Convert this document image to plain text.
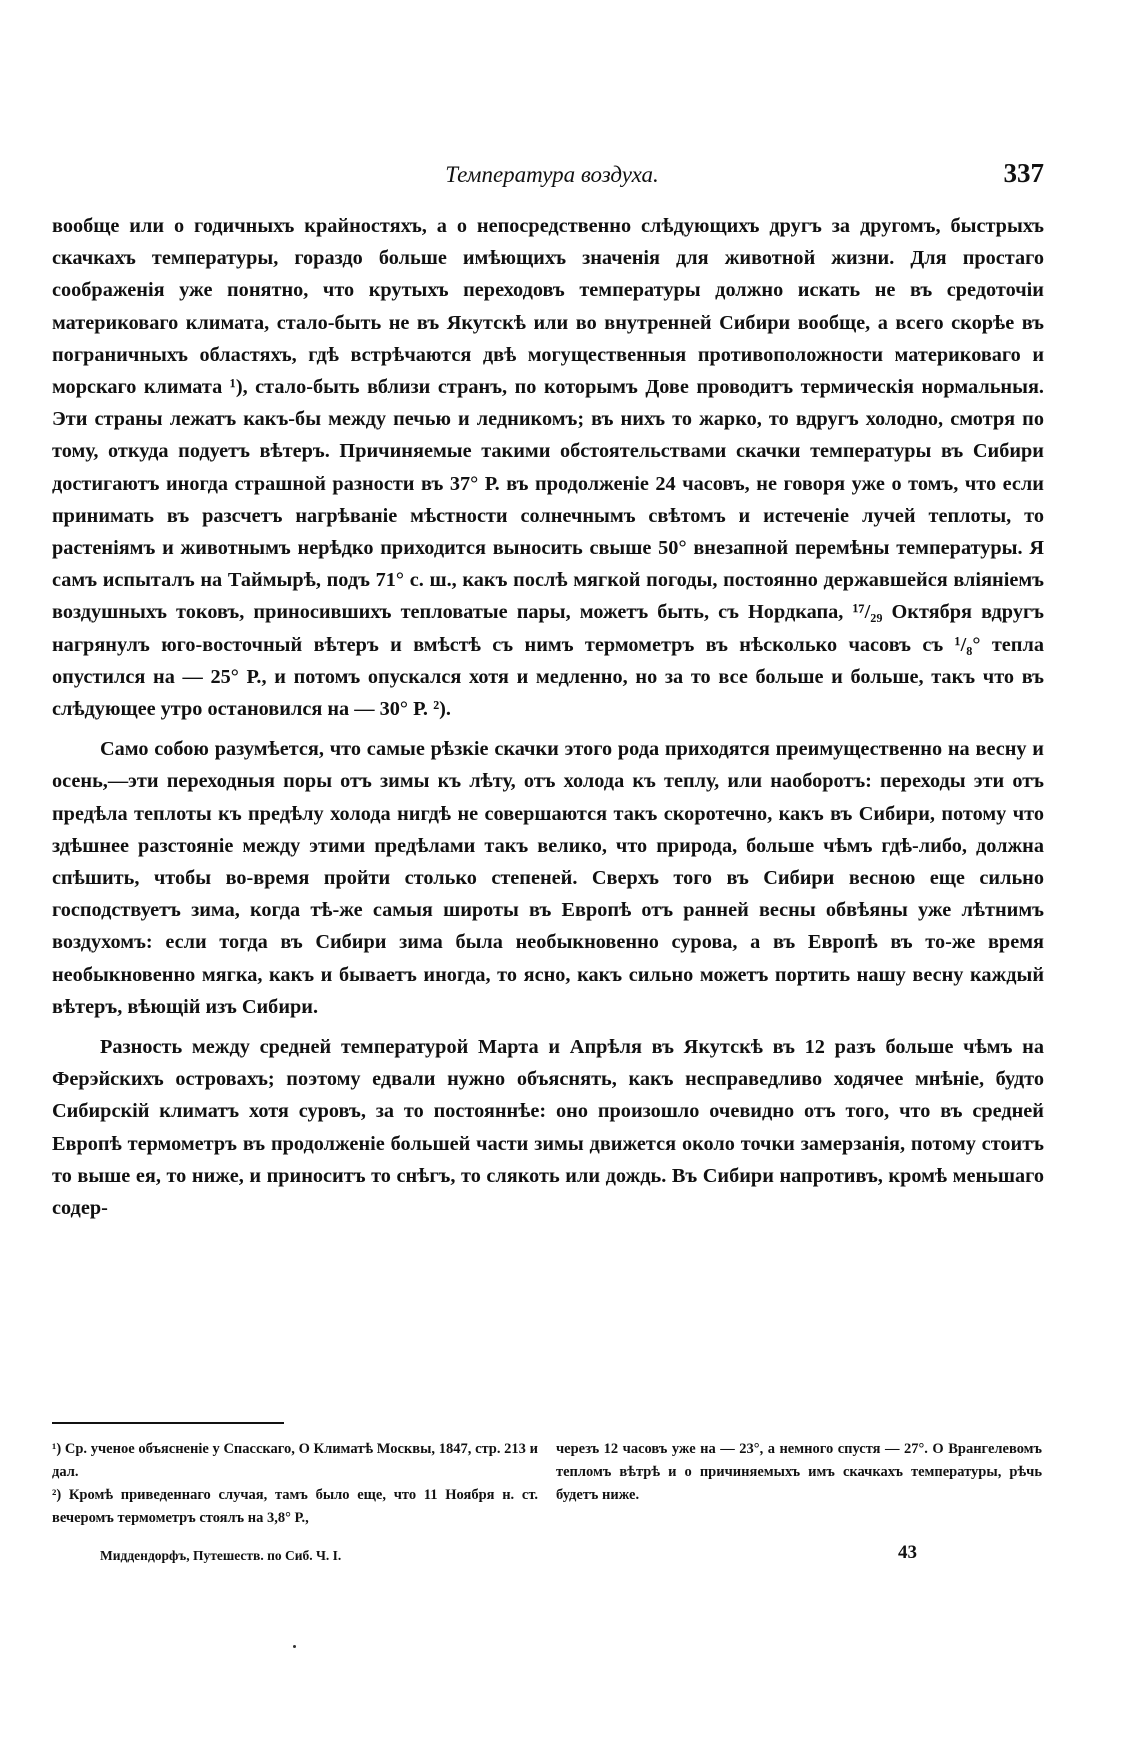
Температура воздуха.	337

вообще или о годичныхъ крайностяхъ, а о непосредственно слѣдующихъ другъ за другомъ, быстрыхъ скачкахъ температуры, гораздо больше имѣющихъ значенія для животной жизни. Для простаго соображенія уже понятно, что крутыхъ переходовъ температуры должно искать не въ средоточіи материковаго климата, стало-быть не въ Якутскѣ или во внутренней Сибири вообще, а всего скорѣе въ пограничныхъ областяхъ, гдѣ встрѣчаются двѣ могущественныя противоположности материковаго и морскаго климата ¹), стало-быть вблизи странъ, по которымъ Дове проводитъ термическія нормальныя. Эти страны лежатъ какъ-бы между печью и ледникомъ; въ нихъ то жарко, то вдругъ холодно, смотря по тому, откуда подуетъ вѣтеръ. Причиняемые такими обстоятельствами скачки температуры въ Сибири достигаютъ иногда страшной разности въ 37° Р. въ продолженіе 24 часовъ, не говоря уже о томъ, что если принимать въ разсчетъ нагрѣваніе мѣстности солнечнымъ свѣтомъ и истеченіе лучей теплоты, то растеніямъ и животнымъ нерѣдко приходится выносить свыше 50° внезапной перемѣны температуры. Я самъ испыталъ на Таймырѣ, подъ 71° с. ш., какъ послѣ мягкой погоды, постоянно державшейся вліяніемъ воздушныхъ токовъ, приносившихъ тепловатые пары, можетъ быть, съ Нордкапа, ¹⁷/₂₉ Октября вдругъ нагрянулъ юго-восточный вѣтеръ и вмѣстѣ съ нимъ термометръ въ нѣсколько часовъ съ ¹/₈° тепла опустился на — 25° Р., и потомъ опускался хотя и медленно, но за то все больше и больше, такъ что въ слѣдующее утро остановился на — 30° Р. ²).

Само собою разумѣется, что самые рѣзкіе скачки этого рода приходятся преимущественно на весну и осень,—эти переходныя поры отъ зимы къ лѣту, отъ холода къ теплу, или наоборотъ: переходы эти отъ предѣла теплоты къ предѣлу холода нигдѣ не совершаются такъ скоротечно, какъ въ Сибири, потому что здѣшнее разстояніе между этими предѣлами такъ велико, что природа, больше чѣмъ гдѣ-либо, должна спѣшить, чтобы во-время пройти столько степеней. Сверхъ того въ Сибири весною еще сильно господствуетъ зима, когда тѣ-же самыя широты въ Европѣ отъ ранней весны обвѣяны уже лѣтнимъ воздухомъ: если тогда въ Сибири зима была необыкновенно сурова, а въ Европѣ въ то-же время необыкновенно мягка, какъ и бываетъ иногда, то ясно, какъ сильно можетъ портить нашу весну каждый вѣтеръ, вѣющій изъ Сибири.

Разность между средней температурой Марта и Апрѣля въ Якутскѣ въ 12 разъ больше чѣмъ на Ферэйскихъ островахъ; поэтому едвали нужно объяснять, какъ несправедливо ходячее мнѣніе, будто Сибирскій климатъ хотя суровъ, за то постояннѣе: оно произошло очевидно отъ того, что въ средней Европѣ термометръ въ продолженіе большей части зимы движется около точки замерзанія, потому стоитъ то выше ея, то ниже, и приноситъ то снѣгъ, то слякоть или дождь. Въ Сибири напротивъ, кромѣ меньшаго содер-

¹) Ср. ученое объясненіе у Спасскаго, О Климатѣ Москвы, 1847, стр. 213 и дал.

²) Кромѣ приведеннаго случая, тамъ было еще, что 11 Ноября н. ст. вечеромъ термометръ стоялъ на 3,8° Р.,

черезъ 12 часовъ уже на — 23°, а немного спустя — 27°. О Врангелевомъ тепломъ вѣтрѣ и о причиняемыхъ имъ скачкахъ температуры, рѣчь будетъ ниже.

Миддендорфъ, Путешеств. по Сиб. Ч. I.	43
